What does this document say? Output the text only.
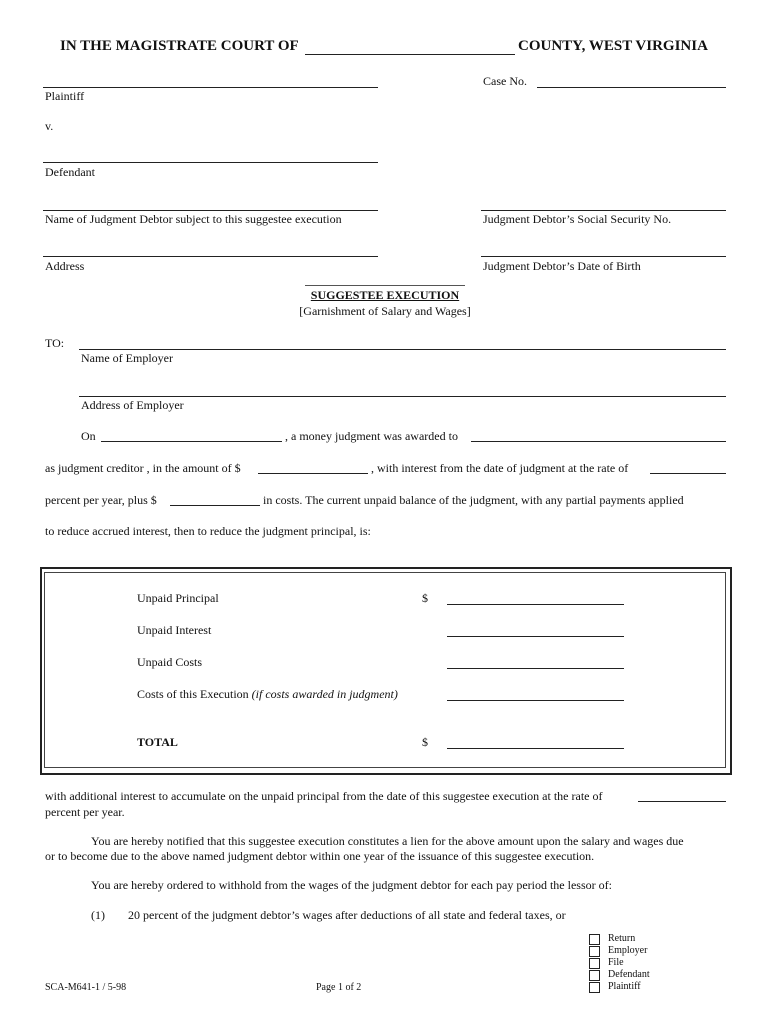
IN THE MAGISTRATE COURT OF	COUNTY, WEST VIRGINIA
Plaintiff
Case No.
v.
Defendant
Name of Judgment Debtor subject to this suggestee execution	Judgment Debtor’s Social Security No.
Address	Judgment Debtor’s Date of Birth
SUGGESTEE EXECUTION
[Garnishment of Salary and Wages]
TO:
Name of Employer
Address of Employer
On	, a money judgment was awarded to
as judgment creditor , in the amount of $	, with interest from the date of judgment at the rate of
percent per year, plus $	in costs. The current unpaid balance of the judgment, with any partial payments applied
to reduce accrued interest, then to reduce the judgment principal, is:
Unpaid Principal	$
Unpaid Interest
Unpaid Costs
Costs of this Execution (if costs awarded in judgment)
TOTAL	$
with additional interest to accumulate on the unpaid principal from the date of this suggestee execution at the rate of
percent per year.
You are hereby notified that this suggestee execution constitutes a lien for the above amount upon the salary and wages due
or to become due to the above named judgment debtor within one year of the issuance of this suggestee execution.
You are hereby ordered to withhold from the wages of the judgment debtor for each pay period the lessor of:
(1) 20 percent of the judgment debtor’s wages after deductions of all state and federal taxes, or
SCA-M641-1 / 5-98	Page 1 of 2
Return
Employer
File
Defendant
Plaintiff
